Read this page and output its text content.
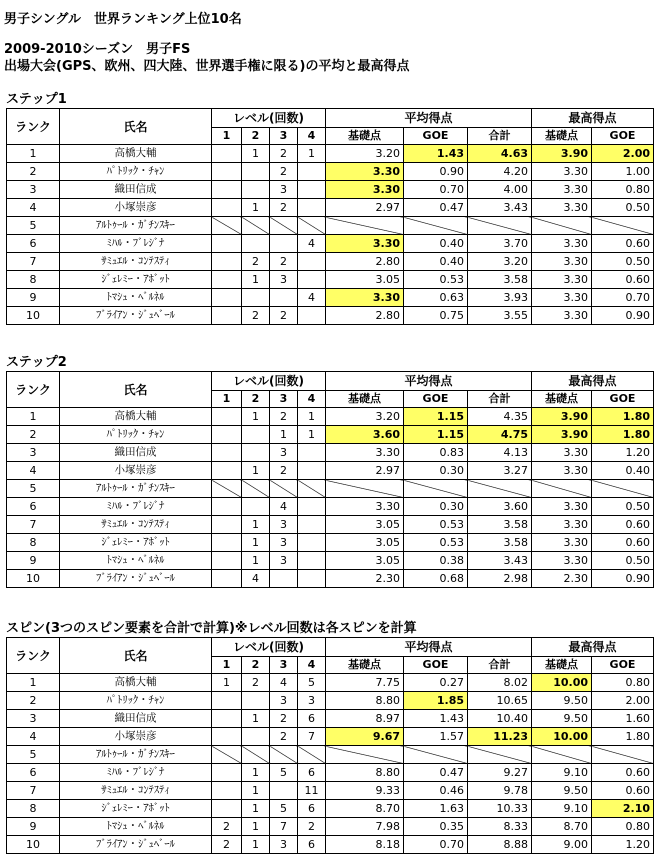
男子シングル　世界ランキング上位10名
2009-2010シーズン　男子FS
出場大会(GPS、欧州、四大陸、世界選手権に限る)の平均と最高得点
ステップ1
ランク	氏名	レベル(回数)				平均得点			最高得点	
		1	2	3	4	基礎点	GOE	合計	基礎点	GOE
1	高橋大輔		1	2	1	3.20	1.43	4.63	3.90	2.00
2	ﾊﾟﾄﾘｯｸ・ﾁｬﾝ			2		3.30	0.90	4.20	3.30	1.00
3	織田信成			3		3.30	0.70	4.00	3.30	0.80
4	小塚崇彦		1	2		2.97	0.47	3.43	3.30	0.50
5	ｱﾙﾄｩｰﾙ・ｶﾞﾁﾝｽｷｰ									
6	ﾐﾊﾙ・ﾌﾞﾚｼﾞﾅ				4	3.30	0.40	3.70	3.30	0.60
7	ｻﾐｭｴﾙ・ｺﾝﾃｽﾃｨ		2	2		2.80	0.40	3.20	3.30	0.50
8	ｼﾞｪﾚﾐｰ・ｱﾎﾞｯﾄ		1	3		3.05	0.53	3.58	3.30	0.60
9	ﾄﾏｼｭ・ﾍﾞﾙﾈﾙ				4	3.30	0.63	3.93	3.30	0.70
10	ﾌﾞﾗｲｱﾝ・ｼﾞｭﾍﾞｰﾙ		2	2		2.80	0.75	3.55	3.30	0.90
ステップ2
ランク	氏名	レベル(回数)				平均得点			最高得点	
		1	2	3	4	基礎点	GOE	合計	基礎点	GOE
1	高橋大輔		1	2	1	3.20	1.15	4.35	3.90	1.80
2	ﾊﾟﾄﾘｯｸ・ﾁｬﾝ			1	1	3.60	1.15	4.75	3.90	1.80
3	織田信成			3		3.30	0.83	4.13	3.30	1.20
4	小塚崇彦		1	2		2.97	0.30	3.27	3.30	0.40
5	ｱﾙﾄｩｰﾙ・ｶﾞﾁﾝｽｷｰ									
6	ﾐﾊﾙ・ﾌﾞﾚｼﾞﾅ			4		3.30	0.30	3.60	3.30	0.50
7	ｻﾐｭｴﾙ・ｺﾝﾃｽﾃｨ		1	3		3.05	0.53	3.58	3.30	0.60
8	ｼﾞｪﾚﾐｰ・ｱﾎﾞｯﾄ		1	3		3.05	0.53	3.58	3.30	0.60
9	ﾄﾏｼｭ・ﾍﾞﾙﾈﾙ		1	3		3.05	0.38	3.43	3.30	0.50
10	ﾌﾞﾗｲｱﾝ・ｼﾞｭﾍﾞｰﾙ		4			2.30	0.68	2.98	2.30	0.90
スピン(3つのスピン要素を合計で計算)※レベル回数は各スピンを計算
ランク	氏名	レベル(回数)				平均得点			最高得点	
		1	2	3	4	基礎点	GOE	合計	基礎点	GOE
1	高橋大輔	1	2	4	5	7.75	0.27	8.02	10.00	0.80
2	ﾊﾟﾄﾘｯｸ・ﾁｬﾝ			3	3	8.80	1.85	10.65	9.50	2.00
3	織田信成		1	2	6	8.97	1.43	10.40	9.50	1.60
4	小塚崇彦			2	7	9.67	1.57	11.23	10.00	1.80
5	ｱﾙﾄｩｰﾙ・ｶﾞﾁﾝｽｷｰ									
6	ﾐﾊﾙ・ﾌﾞﾚｼﾞﾅ		1	5	6	8.80	0.47	9.27	9.10	0.60
7	ｻﾐｭｴﾙ・ｺﾝﾃｽﾃｨ		1		11	9.33	0.46	9.78	9.50	0.60
8	ｼﾞｪﾚﾐｰ・ｱﾎﾞｯﾄ		1	5	6	8.70	1.63	10.33	9.10	2.10
9	ﾄﾏｼｭ・ﾍﾞﾙﾈﾙ	2	1	7	2	7.98	0.35	8.33	8.70	0.80
10	ﾌﾞﾗｲｱﾝ・ｼﾞｭﾍﾞｰﾙ	2	1	3	6	8.18	0.70	8.88	9.00	1.20
